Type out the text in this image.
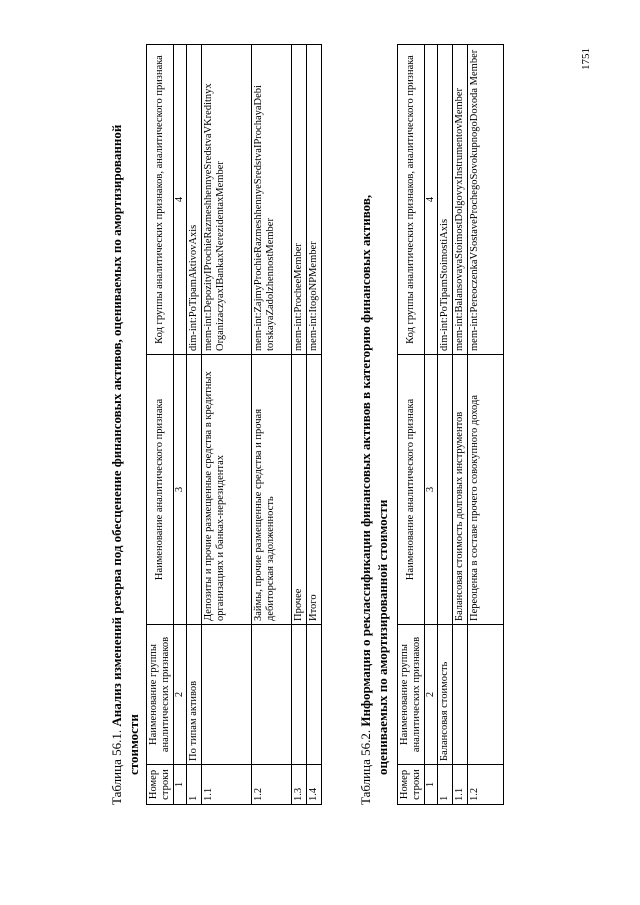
1751
Таблица 56.1. Анализ изменений резерва под обесценение финансовых активов, оцениваемых по амортизированной
стоимости
Номер строки	Наименование группы аналитических признаков	Наименование аналитического признака	Код группы аналитических признаков, аналитического признака
1	2	3	4
1	По типам активов		dim-int:PoTipamAktivovAxis
1.1		Депозиты и прочие размещенные средства в кредитных организациях и банках-нерезидентах	mem-int:DepozityIProchieRazmeshhennyeSredstvaVKreditnyx OrganizaczyaxIBankaxNerezidentaxMember
1.2		Займы, прочие размещенные средства и прочая дебиторская задолженность	mem-int:ZajmyProchieRazmeshhennyeSredstvaIProchayaDebi torskayaZadolzhennostMember
1.3		Прочее	mem-int:ProcheeMember
1.4		Итого	mem-int:ItogoNPMember
Таблица 56.2. Информация о реклассификации финансовых активов в категорию финансовых активов, оцениваемых по амортизированной стоимости
Номер строки	Наименование группы аналитических признаков	Наименование аналитического признака	Код группы аналитических признаков, аналитического признака
1	2	3	4
1	Балансовая стоимость		dim-int:PoTipamStoimostiAxis
1.1		Балансовая стоимость долговых инструментов	mem-int:BalansovayaStoimostDolgovyxInstrumentovMember
1.2		Переоценка в составе прочего совокупного дохода	mem-int:PereoczenkaVSostaveProchegoSovokupnogoDoxoda Member
